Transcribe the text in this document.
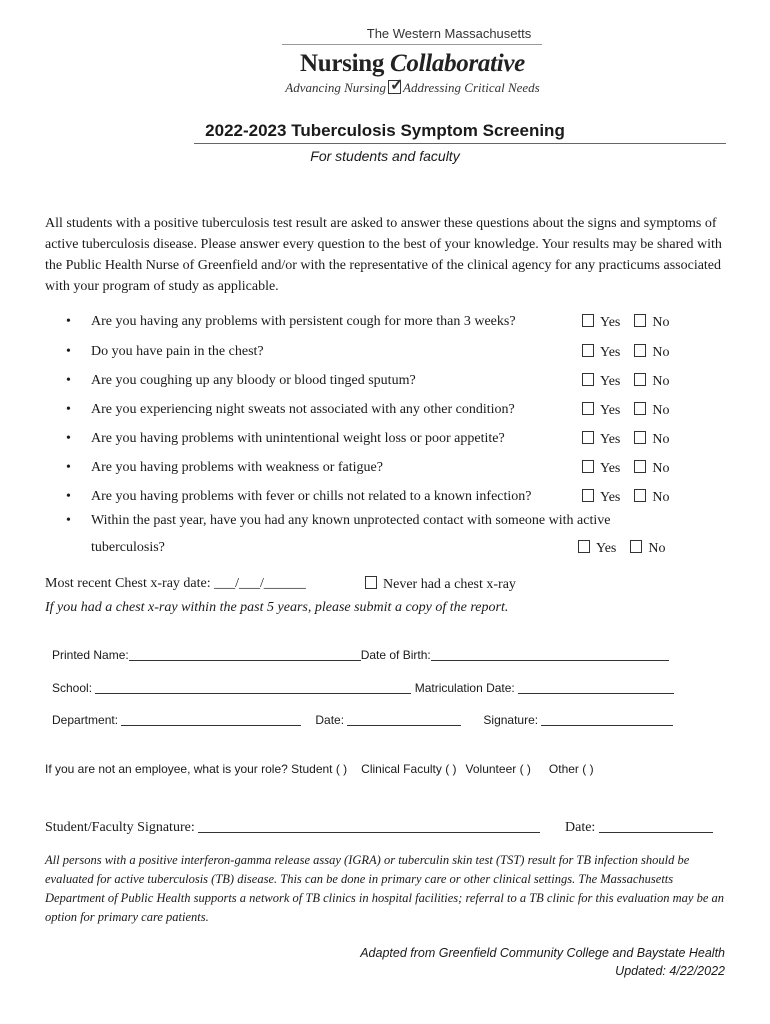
The Western Massachusetts
Nursing Collaborative
Advancing Nursing✓ Addressing Critical Needs
2022-2023 Tuberculosis Symptom Screening
For students and faculty
All students with a positive tuberculosis test result are asked to answer these questions about the signs and symptoms of active tuberculosis disease. Please answer every question to the best of your knowledge. Your results may be shared with the Public Health Nurse of Greenfield and/or with the representative of the clinical agency for any practicums associated with your program of study as applicable.
• Are you having any problems with persistent cough for more than 3 weeks?	Yes No
• Do you have pain in the chest?	Yes No
• Are you coughing up any bloody or blood tinged sputum?	Yes No
• Are you experiencing night sweats not associated with any other condition?	Yes No
• Are you having problems with unintentional weight loss or poor appetite?	Yes No
• Are you having problems with weakness or fatigue?	Yes No
• Are you having problems with fever or chills not related to a known infection?	Yes No
• Within the past year, have you had any known unprotected contact with someone with active
tuberculosis?	Yes No
Most recent Chest x-ray date: ___/___/______	Never had a chest x-ray
If you had a chest x-ray within the past 5 years, please submit a copy of the report.
Printed Name:	Date of Birth:
School:	Matriculation Date:
Department:	Date:	Signature:
If you are not an employee, what is your role? Student ( ) Clinical Faculty ( ) Volunteer ( ) Other ( )
Student/Faculty Signature:	Date:
All persons with a positive interferon-gamma release assay (IGRA) or tuberculin skin test (TST) result for TB infection should be evaluated for active tuberculosis (TB) disease. This can be done in primary care or other clinical settings. The Massachusetts Department of Public Health supports a network of TB clinics in hospital facilities; referral to a TB clinic for this evaluation may be an option for primary care patients.
Adapted from Greenfield Community College and Baystate Health
Updated: 4/22/2022
